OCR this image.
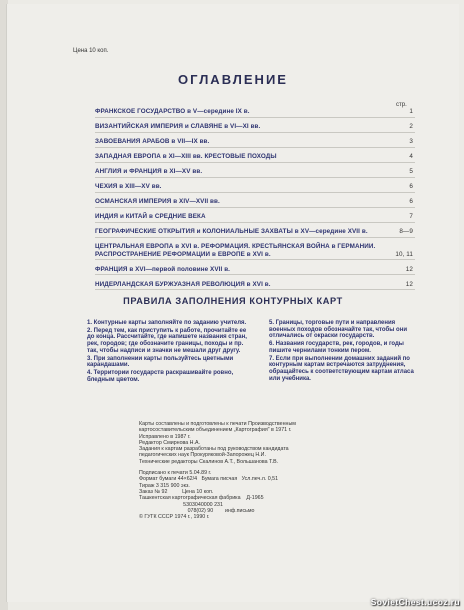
Цена 10 коп.
ОГЛАВЛЕНИЕ
стр.
ФРАНКСКОЕ ГОСУДАРСТВО в V—середине IX в.	1
ВИЗАНТИЙСКАЯ ИМПЕРИЯ и СЛАВЯНЕ в VI—XI вв.	2
ЗАВОЕВАНИЯ АРАБОВ в VII—IX вв.	3
ЗАПАДНАЯ ЕВРОПА в XI—XIII вв. КРЕСТОВЫЕ ПОХОДЫ	4
АНГЛИЯ и ФРАНЦИЯ в XI—XV вв.	5
ЧЕХИЯ в XIII—XV вв.	6
ОСМАНСКАЯ ИМПЕРИЯ в XIV—XVII вв.	6
ИНДИЯ и КИТАЙ в СРЕДНИЕ ВЕКА	7
ГЕОГРАФИЧЕСКИЕ ОТКРЫТИЯ и КОЛОНИАЛЬНЫЕ ЗАХВАТЫ в XV—середине XVII в.	8—9
ЦЕНТРАЛЬНАЯ ЕВРОПА в XVI в. РЕФОРМАЦИЯ. КРЕСТЬЯНСКАЯ ВОЙНА в ГЕРМАНИИ. РАСПРОСТРАНЕНИЕ РЕФОРМАЦИИ в ЕВРОПЕ в XVI в.	10, 11
ФРАНЦИЯ в XVI—первой половине XVII в.	12
НИДЕРЛАНДСКАЯ БУРЖУАЗНАЯ РЕВОЛЮЦИЯ в XVI в.	12
ПРАВИЛА ЗАПОЛНЕНИЯ КОНТУРНЫХ КАРТ
1. Контурные карты заполняйте по заданию учителя.
2. Перед тем, как приступить к работе, прочитайте ее до конца. Рассчитайте, где напишете названия стран, рек, городов; где обозначите границы, походы и пр. так, чтобы надписи и значки не мешали друг другу.
3. При заполнении карты пользуйтесь цветными карандашами.
4. Территории государств раскрашивайте ровно, бледным цветом.
5. Границы, торговые пути и направления военных походов обозначайте так, чтобы они отличались от окраски государств.
6. Названия государств, рек, городов, и годы пишите чернилами тонким пером.
7. Если при выполнении домашних заданий по контурным картам встречаются затруднения, обращайтесь к соответствующим картам атласа или учебника.
Карты составлены и подготовлены к печати Производственным
картосоставительским объединением „Картография" в 1971 г.
Исправлено в 1987 г.
Редактор Смирнова Н.А.
Задания к картам разработаны под руководством кандидата
педагогических наук Прокуряковой-Запорожец Н.И.
Технические редакторы Скалинов А.Т., Вольшанова Т.В.
Подписано к печати 5.04.89 г.
Формат бумаги 44×62/4   Бумага писчая   Усл.печ.л. 0,51
Тираж 3 315 900 экз.
Заказ № 92          Цена 10 коп.
Ташкентская картографическая фабрика    Д-1965
5303040000 231
078(02) 90        инф.письмо
© ГУГК СССР 1974 г., 1990 г.
SovietChest.ucoz.ru
